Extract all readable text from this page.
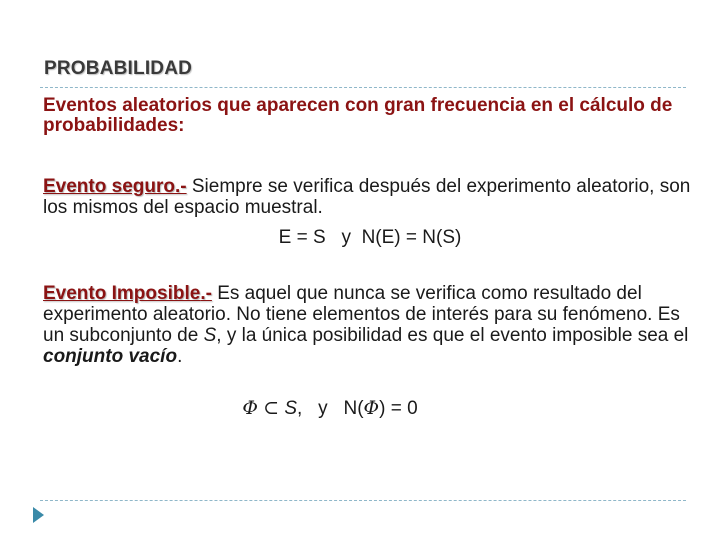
PROBABILIDAD
Eventos aleatorios que aparecen con gran frecuencia en el cálculo de probabilidades:
Evento seguro.- Siempre se verifica después del experimento aleatorio, son los mismos del espacio muestral.
E = S   y  N(E) = N(S)
Evento Imposible.- Es aquel que nunca se verifica como resultado del experimento aleatorio. No tiene elementos de interés para su fenómeno. Es un subconjunto de S, y la única posibilidad es que el evento imposible sea el conjunto vacío.
Φ ⊂ S,   y   N(Φ) = 0
